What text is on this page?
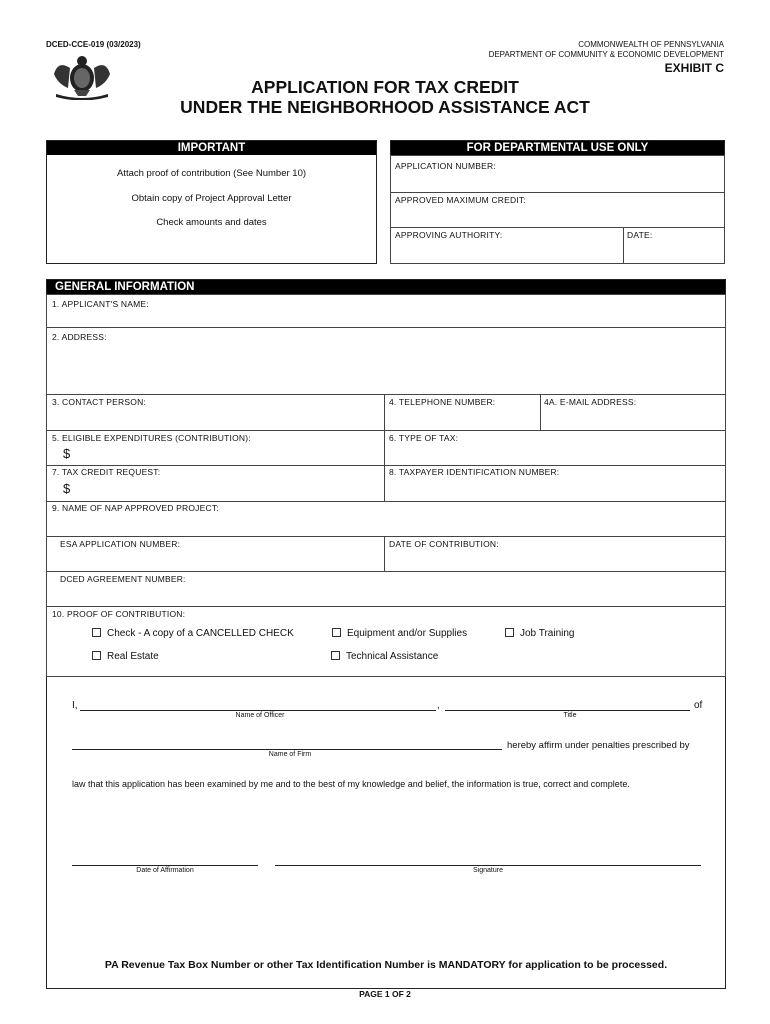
DCED-CCE-019 (03/2023)	COMMONWEALTH OF PENNSYLVANIA
DEPARTMENT OF COMMUNITY & ECONOMIC DEVELOPMENT
EXHIBIT C
APPLICATION FOR TAX CREDIT
UNDER THE NEIGHBORHOOD ASSISTANCE ACT
IMPORTANT
Attach proof of contribution (See Number 10)
Obtain copy of Project Approval Letter
Check amounts and dates
FOR DEPARTMENTAL USE ONLY
APPLICATION NUMBER:
APPROVED MAXIMUM CREDIT:
APPROVING AUTHORITY:	DATE:
GENERAL INFORMATION
1. APPLICANT'S NAME:
2. ADDRESS:
3. CONTACT PERSON:	4. TELEPHONE NUMBER:	4A. E-MAIL ADDRESS:
5. ELIGIBLE EXPENDITURES (CONTRIBUTION):
$
6. TYPE OF TAX:
7. TAX CREDIT REQUEST:
$
8. TAXPAYER IDENTIFICATION NUMBER:
9. NAME OF NAP APPROVED PROJECT:
ESA APPLICATION NUMBER:	DATE OF CONTRIBUTION:
DCED AGREEMENT NUMBER:
10. PROOF OF CONTRIBUTION:
Check - A copy of a CANCELLED CHECK	Equipment and/or Supplies	Job Training
Real Estate	Technical Assistance
I,	,	of
Name of Officer	Title
hereby affirm under penalties prescribed by
Name of Firm
law that this application has been examined by me and to the best of my knowledge and belief, the information is true, correct and complete.
Date of Affirmation	Signature
PA Revenue Tax Box Number or other Tax Identification Number is MANDATORY for application to be processed.
PAGE 1 OF 2
